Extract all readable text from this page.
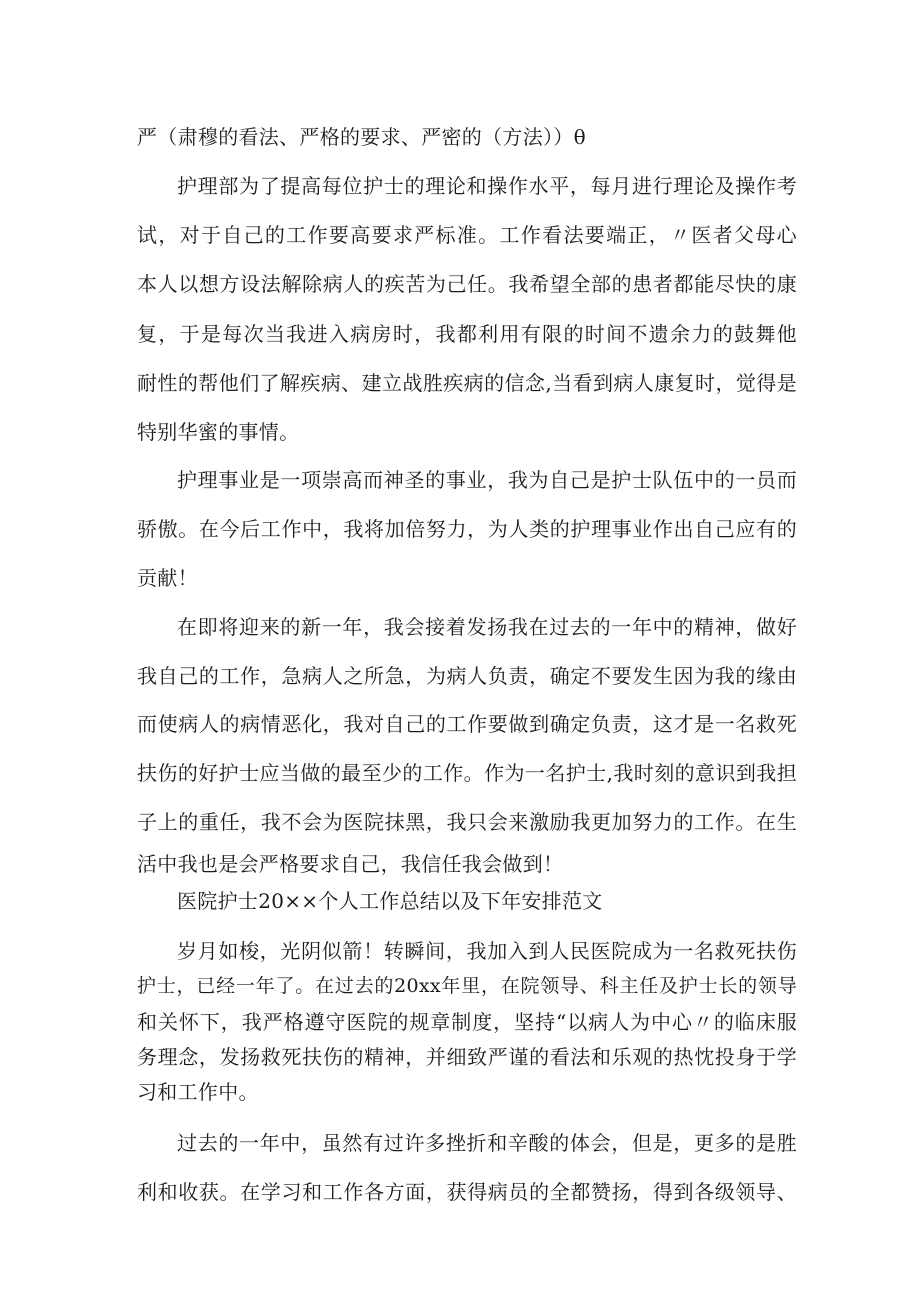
严（肃穆的看法、严格的要求、严密的（方法））θ
护理部为了提高每位护士的理论和操作水平，每月进行理论及操作考
试，对于自己的工作要高要求严标准。工作看法要端正，〃医者父母心
本人以想方设法解除病人的疾苦为己任。我希望全部的患者都能尽快的康
复，于是每次当我进入病房时，我都利用有限的时间不遗余力的鼓舞他
耐性的帮他们了解疾病、建立战胜疾病的信念,当看到病人康复时，觉得是
特别华蜜的事情。
护理事业是一项崇高而神圣的事业，我为自己是护士队伍中的一员而
骄傲。在今后工作中，我将加倍努力，为人类的护理事业作出自己应有的
贡献！
在即将迎来的新一年，我会接着发扬我在过去的一年中的精神，做好
我自己的工作，急病人之所急，为病人负责，确定不要发生因为我的缘由
而使病人的病情恶化，我对自己的工作要做到确定负责，这才是一名救死
扶伤的好护士应当做的最至少的工作。作为一名护士,我时刻的意识到我担
子上的重任，我不会为医院抹黑，我只会来激励我更加努力的工作。在生
活中我也是会严格要求自己，我信任我会做到！
医院护士20××个人工作总结以及下年安排范文
岁月如梭，光阴似箭！转瞬间，我加入到人民医院成为一名救死扶伤
护士，已经一年了。在过去的20xx年里，在院领导、科主任及护士长的领导
和关怀下，我严格遵守医院的规章制度，坚持“以病人为中心〃的临床服
务理念，发扬救死扶伤的精神，并细致严谨的看法和乐观的热忱投身于学
习和工作中。
过去的一年中，虽然有过许多挫折和辛酸的体会，但是，更多的是胜
利和收获。在学习和工作各方面，获得病员的全都赞扬，得到各级领导、
